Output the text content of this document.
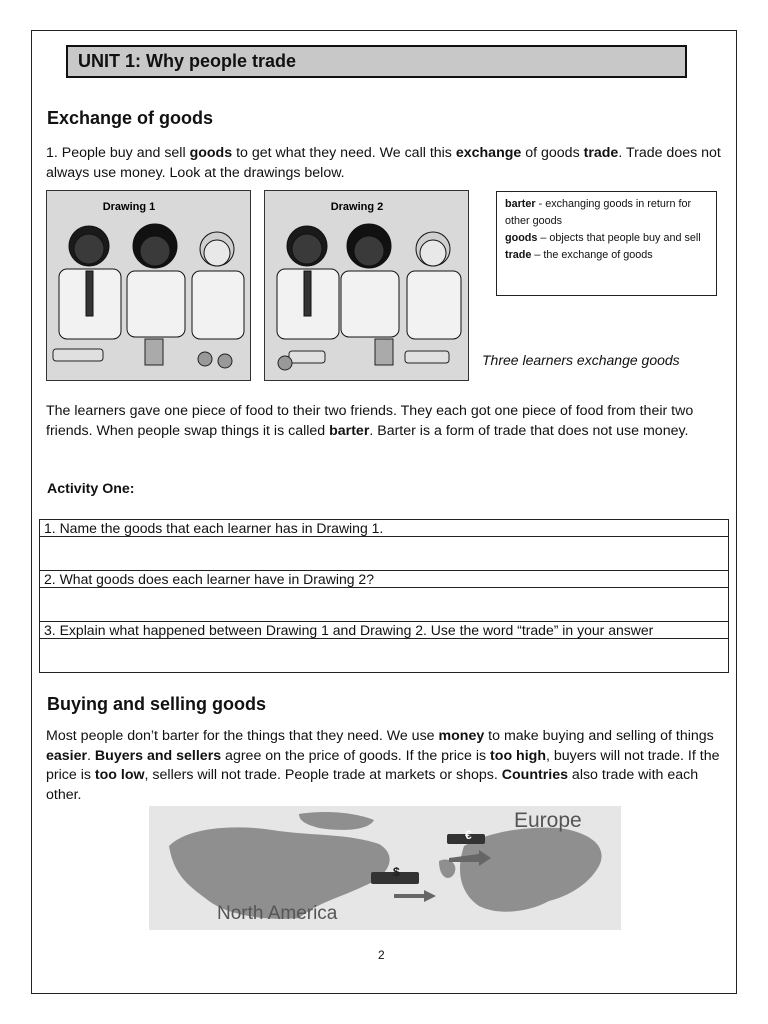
UNIT 1: Why people trade
Exchange of goods
1. People buy and sell goods to get what they need. We call this exchange of goods trade. Trade does not always use money. Look at the drawings below.
Drawing 1	Drawing 2	barter - exchanging goods in return for other goods
goods – objects that people buy and sell
trade – the exchange of goods
Three learners exchange goods
The learners gave one piece of food to their two friends. They each got one piece of food from their two friends. When people swap things it is called barter. Barter is a form of trade that does not use money.
Activity One:
1. Name the goods that each learner has in Drawing 1.

2. What goods does each learner have in Drawing 2?

3. Explain what happened between Drawing 1 and Drawing 2. Use the word “trade” in your answer

Buying and selling goods
Most people don’t barter for the things that they need. We use money to make buying and selling of things easier. Buyers and sellers agree on the price of goods. If the price is too high, buyers will not trade. If the price is too low, sellers will not trade. People trade at markets or shops. Countries also trade with each other.
€
$
Europe
North America
2
